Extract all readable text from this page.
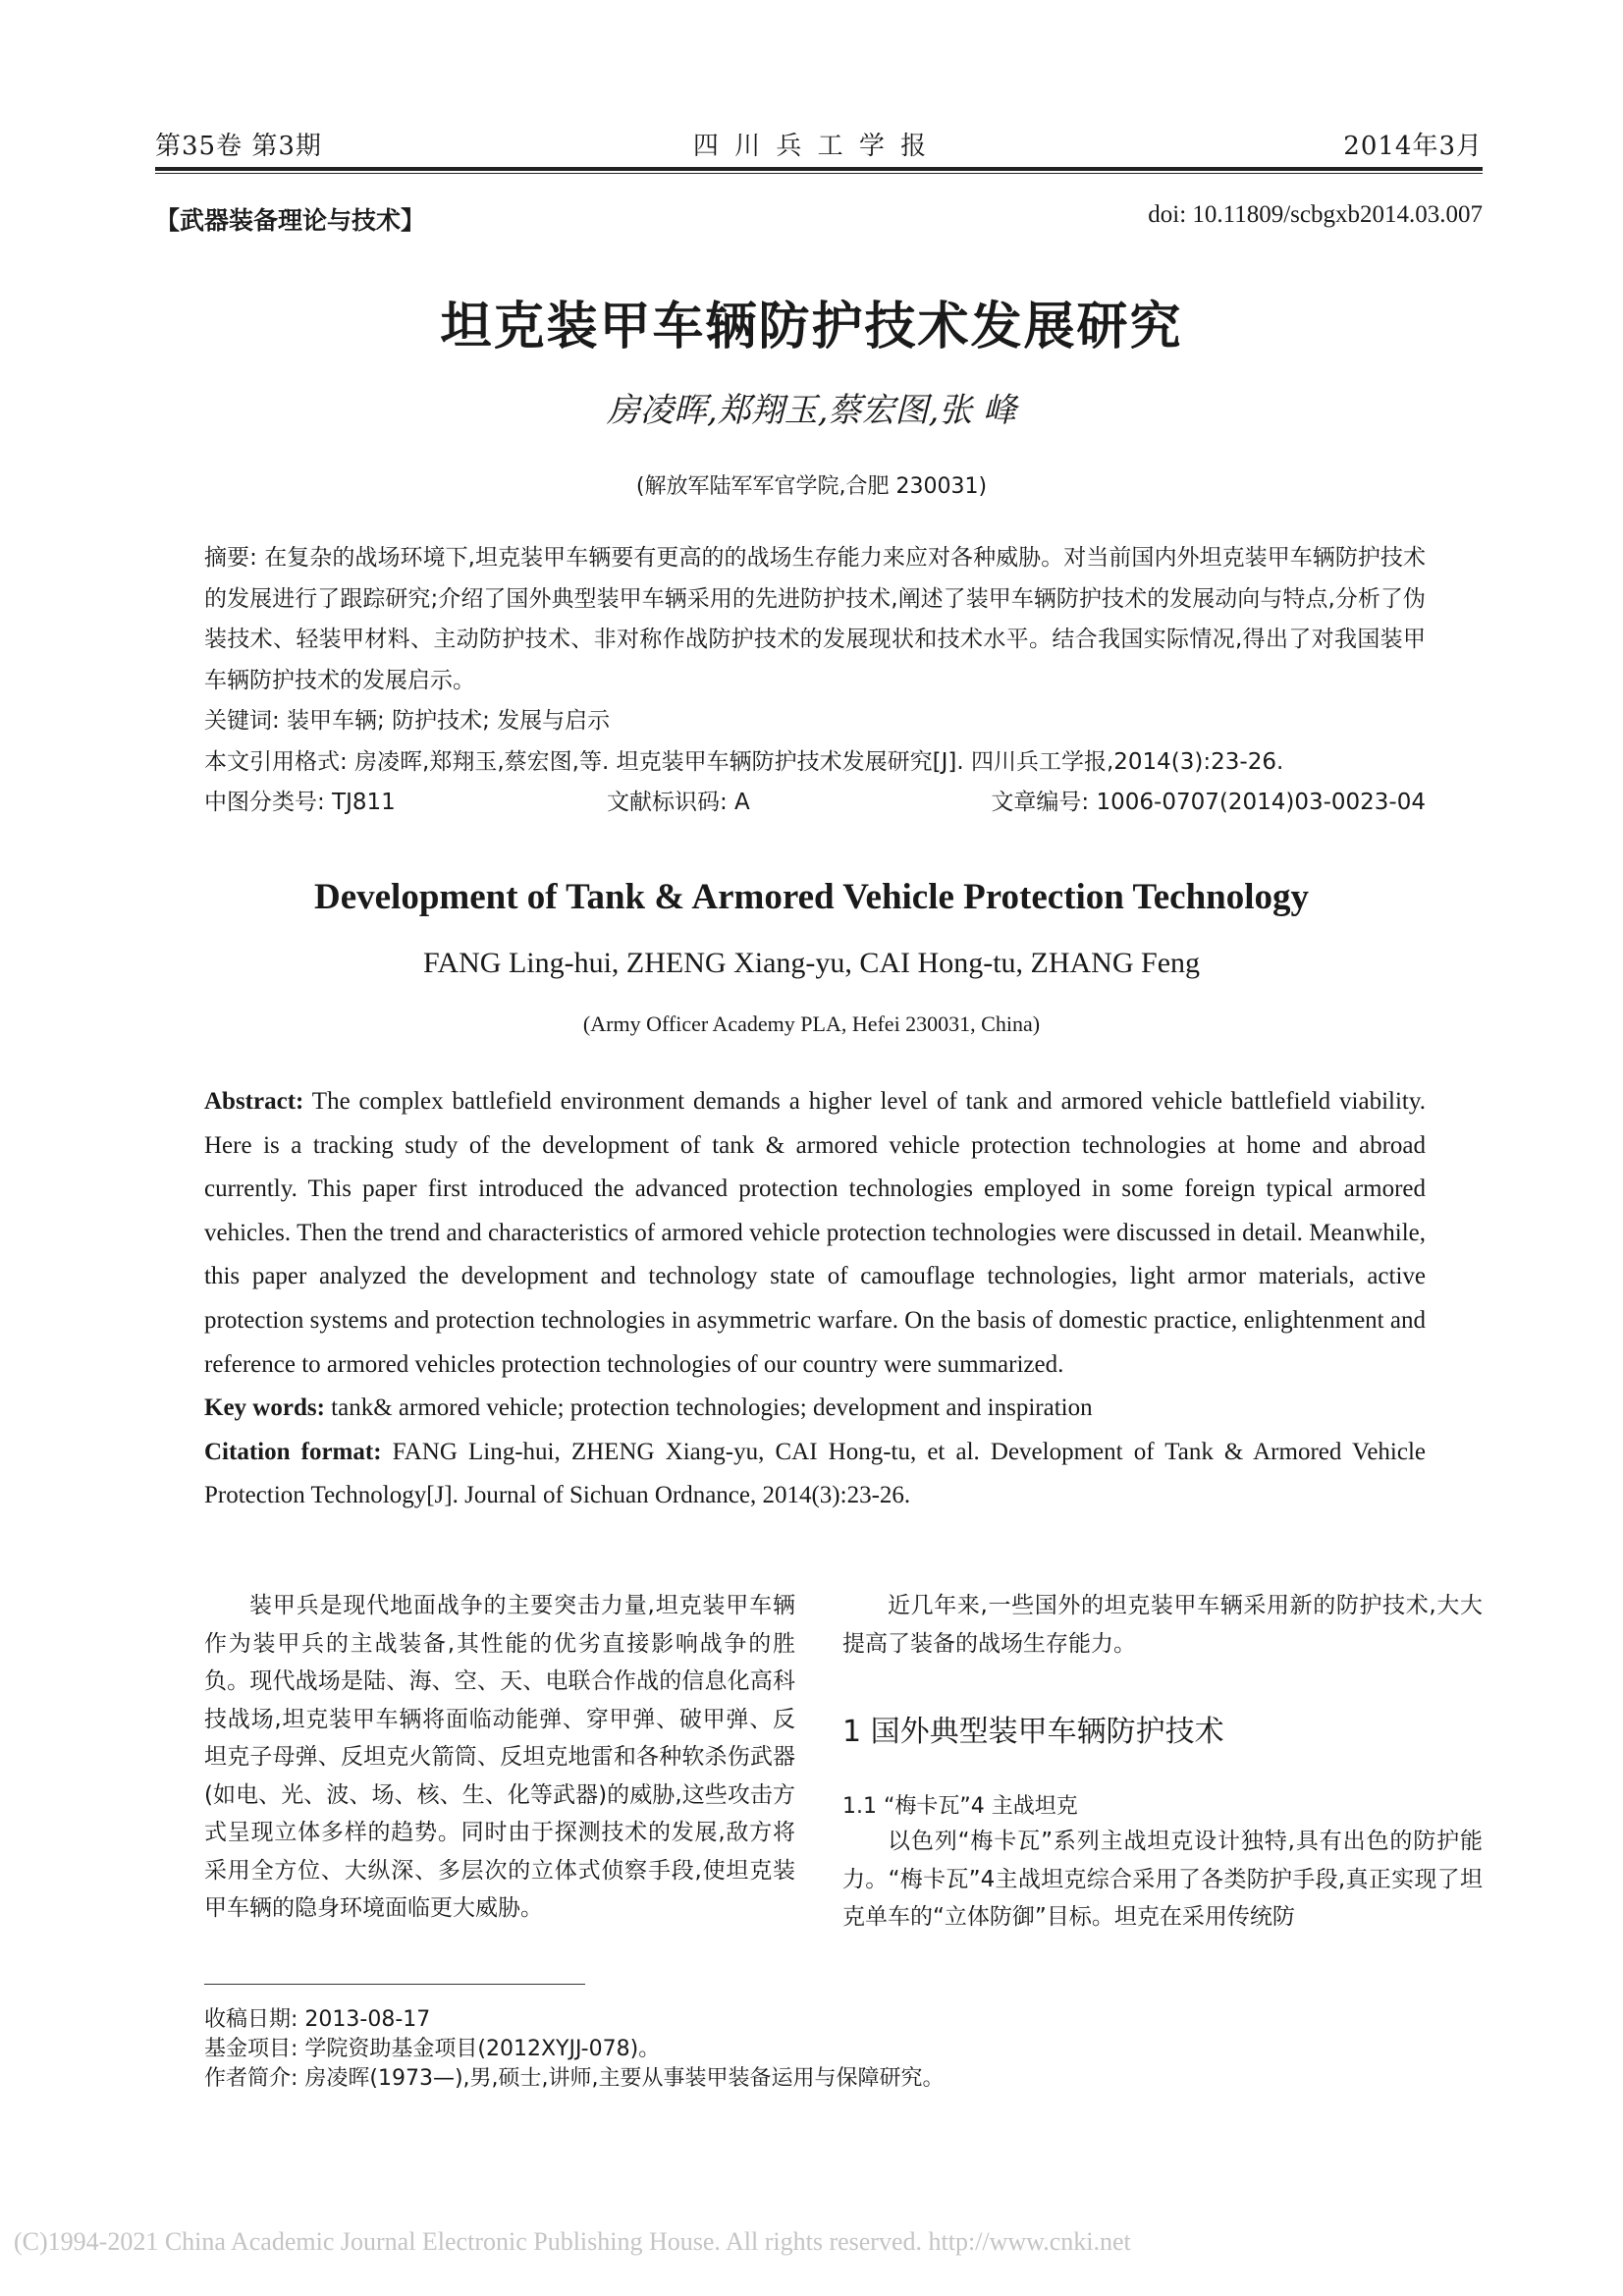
第35卷 第3期	四 川 兵 工 学 报	2014年3月
【武器装备理论与技术】	doi: 10.11809/scbgxb2014.03.007
坦克装甲车辆防护技术发展研究
房凌晖,郑翔玉,蔡宏图,张 峰
(解放军陆军军官学院,合肥 230031)
摘要: 在复杂的战场环境下,坦克装甲车辆要有更高的的战场生存能力来应对各种威胁。对当前国内外坦克装甲车辆防护技术的发展进行了跟踪研究;介绍了国外典型装甲车辆采用的先进防护技术,阐述了装甲车辆防护技术的发展动向与特点,分析了伪装技术、轻装甲材料、主动防护技术、非对称作战防护技术的发展现状和技术水平。结合我国实际情况,得出了对我国装甲车辆防护技术的发展启示。
关键词: 装甲车辆; 防护技术; 发展与启示
本文引用格式: 房凌晖,郑翔玉,蔡宏图,等. 坦克装甲车辆防护技术发展研究[J]. 四川兵工学报,2014(3):23-26.
中图分类号: TJ811	文献标识码: A	文章编号: 1006-0707(2014)03-0023-04
Development of Tank & Armored Vehicle Protection Technology
FANG Ling-hui, ZHENG Xiang-yu, CAI Hong-tu, ZHANG Feng
(Army Officer Academy PLA, Hefei 230031, China)
Abstract: The complex battlefield environment demands a higher level of tank and armored vehicle battlefield viability. Here is a tracking study of the development of tank & armored vehicle protection technologies at home and abroad currently. This paper first introduced the advanced protection technologies employed in some foreign typical armored vehicles. Then the trend and characteristics of armored vehicle protection technologies were discussed in detail. Meanwhile, this paper analyzed the development and technology state of camouflage technologies, light armor materials, active protection systems and protection technologies in asymmetric warfare. On the basis of domestic practice, enlightenment and reference to armored vehicles protection technologies of our country were summarized.
Key words: tank& armored vehicle; protection technologies; development and inspiration
Citation format: FANG Ling-hui, ZHENG Xiang-yu, CAI Hong-tu, et al. Development of Tank & Armored Vehicle Protection Technology[J]. Journal of Sichuan Ordnance, 2014(3):23-26.

装甲兵是现代地面战争的主要突击力量,坦克装甲车辆作为装甲兵的主战装备,其性能的优劣直接影响战争的胜负。现代战场是陆、海、空、天、电联合作战的信息化高科技战场,坦克装甲车辆将面临动能弹、穿甲弹、破甲弹、反坦克子母弹、反坦克火箭筒、反坦克地雷和各种软杀伤武器(如电、光、波、场、核、生、化等武器)的威胁,这些攻击方式呈现立体多样的趋势。同时由于探测技术的发展,敌方将采用全方位、大纵深、多层次的立体式侦察手段,使坦克装甲车辆的隐身环境面临更大威胁。

近几年来,一些国外的坦克装甲车辆采用新的防护技术,大大提高了装备的战场生存能力。

1 国外典型装甲车辆防护技术
1.1 “梅卡瓦”4 主战坦克

以色列“梅卡瓦”系列主战坦克设计独特,具有出色的防护能力。“梅卡瓦”4主战坦克综合采用了各类防护手段,真正实现了坦克单车的“立体防御”目标。坦克在采用传统防

收稿日期: 2013-08-17
基金项目: 学院资助基金项目(2012XYJJ-078)。
作者简介: 房凌晖(1973—),男,硕士,讲师,主要从事装甲装备运用与保障研究。
(C)1994-2021 China Academic Journal Electronic Publishing House. All rights reserved. http://www.cnki.net
